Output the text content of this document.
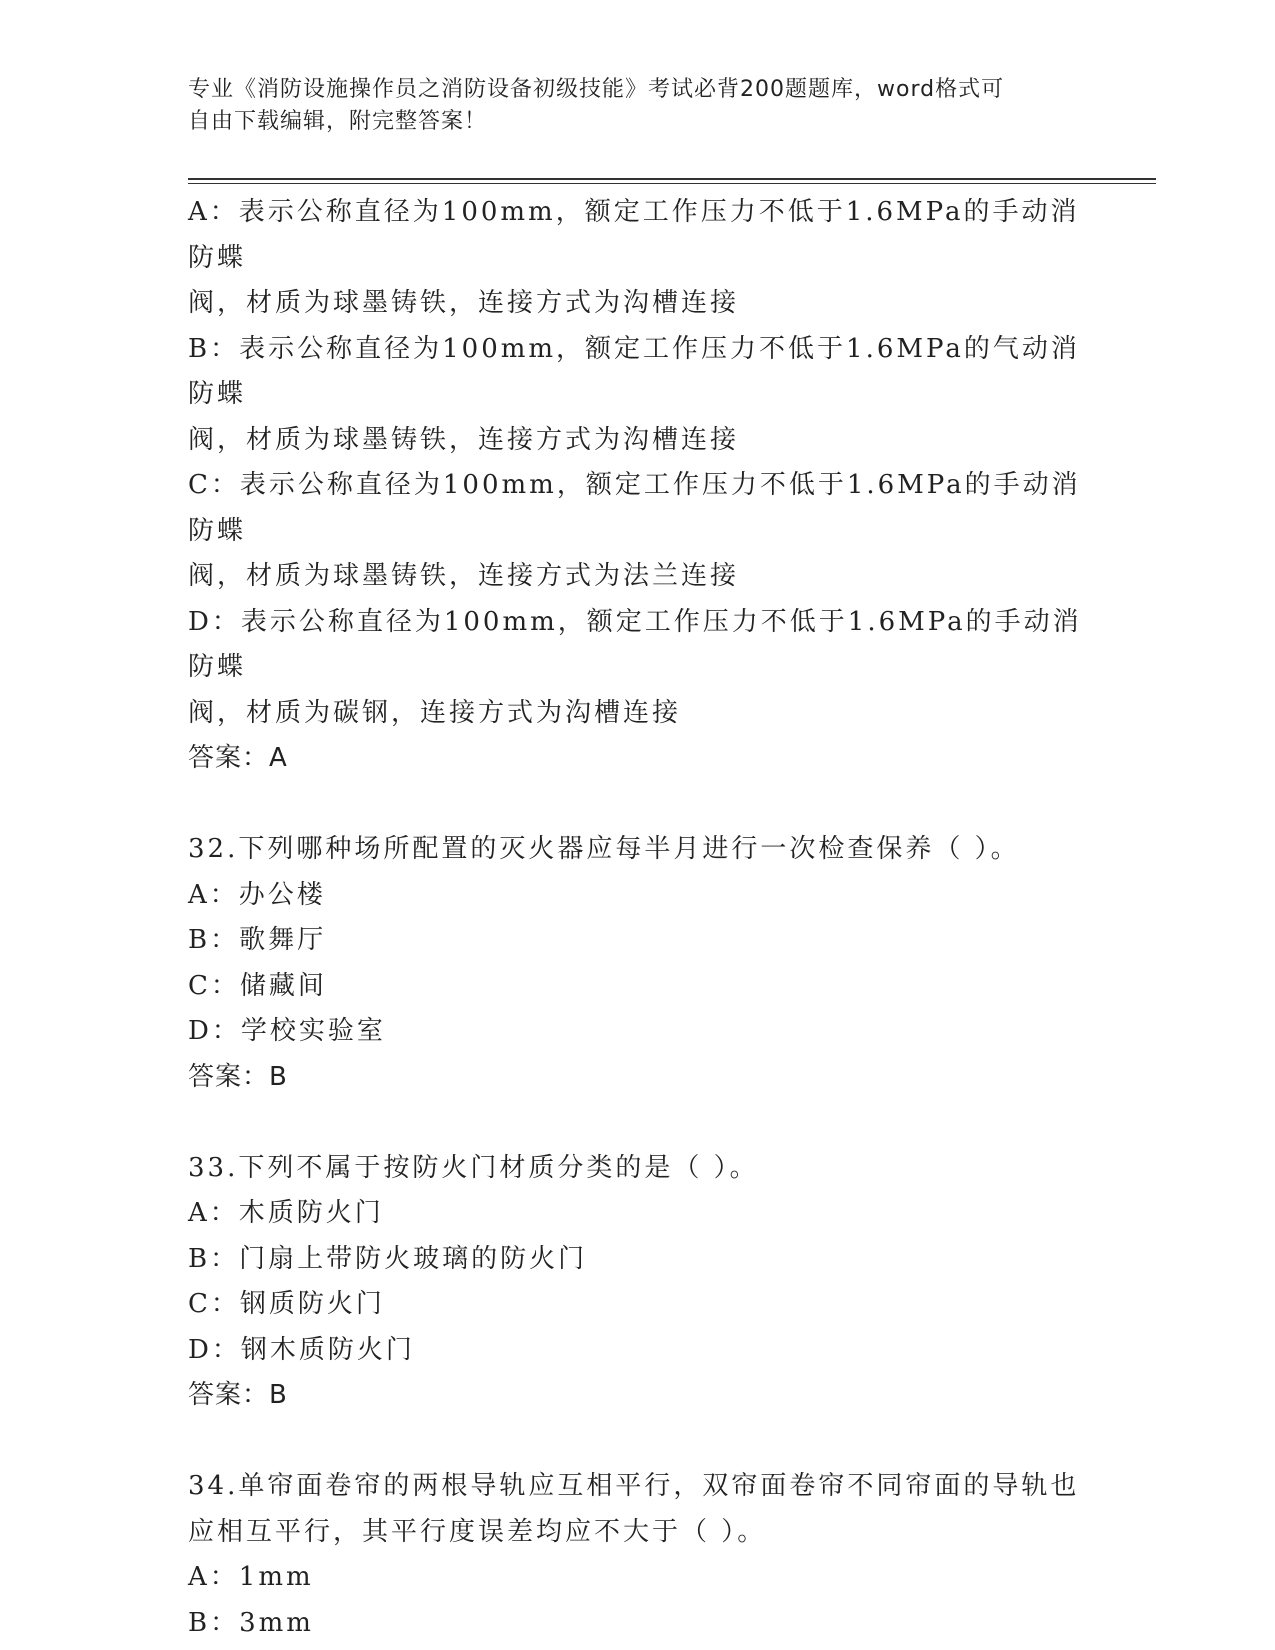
专业《消防设施操作员之消防设备初级技能》考试必背200题题库，word格式可
自由下载编辑，附完整答案！

A：表示公称直径为100mm，额定工作压力不低于1.6MPa的手动消防蝶

阀，材质为球墨铸铁，连接方式为沟槽连接

B：表示公称直径为100mm，额定工作压力不低于1.6MPa的气动消防蝶

阀，材质为球墨铸铁，连接方式为沟槽连接

C：表示公称直径为100mm，额定工作压力不低于1.6MPa的手动消防蝶

阀，材质为球墨铸铁，连接方式为法兰连接

D：表示公称直径为100mm，额定工作压力不低于1.6MPa的手动消防蝶

阀，材质为碳钢，连接方式为沟槽连接

答案：A

32.下列哪种场所配置的灭火器应每半月进行一次检查保养（ ）。

A：办公楼

B：歌舞厅

C：储藏间

D：学校实验室

答案：B

33.下列不属于按防火门材质分类的是（ ）。

A：木质防火门

B：门扇上带防火玻璃的防火门

C：钢质防火门

D：钢木质防火门

答案：B

34.单帘面卷帘的两根导轨应互相平行，双帘面卷帘不同帘面的导轨也

应相互平行，其平行度误差均应不大于（ ）。

A：1mm

B：3mm
